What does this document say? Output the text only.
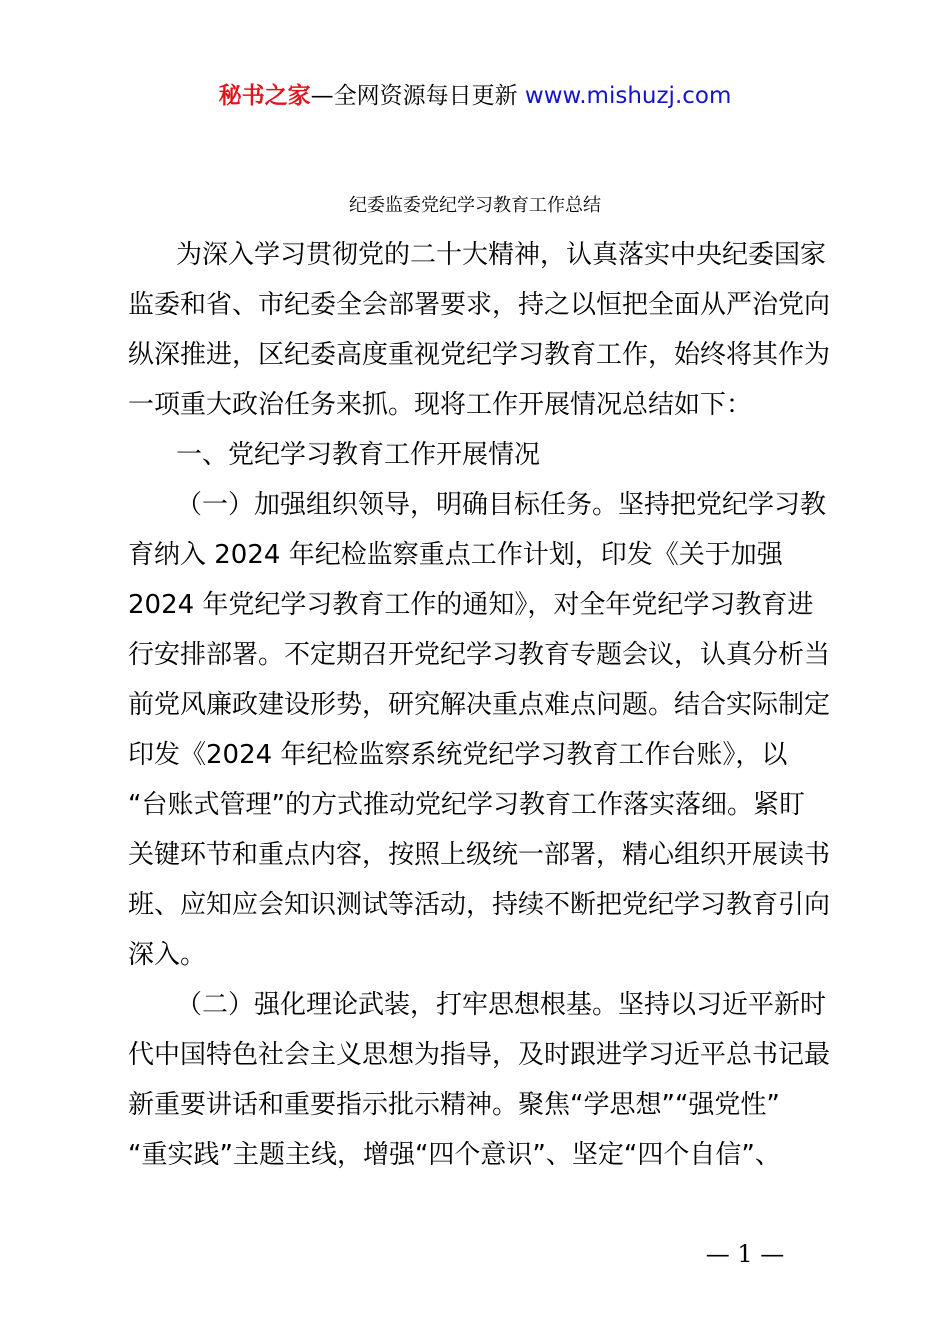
秘书之家—全网资源每日更新 www.mishuzj.com
纪委监委党纪学习教育工作总结
为深入学习贯彻党的二十大精神，认真落实中央纪委国家
监委和省、市纪委全会部署要求，持之以恒把全面从严治党向
纵深推进，区纪委高度重视党纪学习教育工作，始终将其作为
一项重大政治任务来抓。现将工作开展情况总结如下：
一、党纪学习教育工作开展情况
（一）加强组织领导，明确目标任务。坚持把党纪学习教
育纳入 2024 年纪检监察重点工作计划，印发《关于加强
2024 年党纪学习教育工作的通知》，对全年党纪学习教育进
行安排部署。不定期召开党纪学习教育专题会议，认真分析当
前党风廉政建设形势，研究解决重点难点问题。结合实际制定
印发《2024 年纪检监察系统党纪学习教育工作台账》，以
“台账式管理”的方式推动党纪学习教育工作落实落细。紧盯
关键环节和重点内容，按照上级统一部署，精心组织开展读书
班、应知应会知识测试等活动，持续不断把党纪学习教育引向
深入。
（二）强化理论武装，打牢思想根基。坚持以习近平新时
代中国特色社会主义思想为指导，及时跟进学习近平总书记最
新重要讲话和重要指示批示精神。聚焦“学思想”“强党性”
“重实践”主题主线，增强“四个意识”、坚定“四个自信”、
— 1 —
